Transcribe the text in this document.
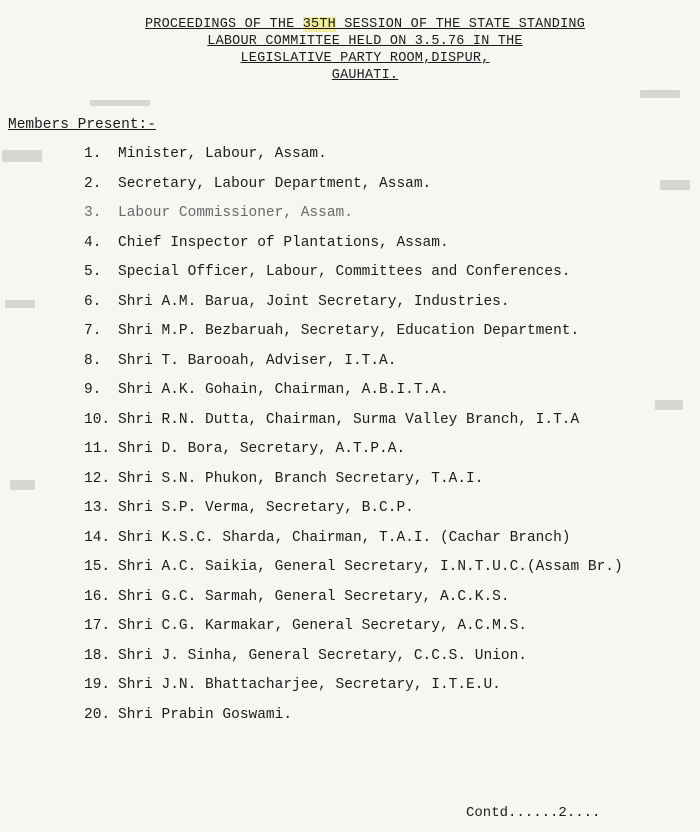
PROCEEDINGS OF THE 35TH SESSION OF THE STATE STANDING
LABOUR COMMITTEE HELD ON 3.5.76 IN THE
LEGISLATIVE PARTY ROOM,DISPUR,
GAUHATI.
Members Present:-
1.	Minister, Labour, Assam.
2.	Secretary, Labour Department, Assam.
3.	Labour Commissioner, Assam.
4.	Chief Inspector of Plantations, Assam.
5.	Special Officer, Labour, Committees and Conferences.
6.	Shri A.M. Barua, Joint Secretary, Industries.
7.	Shri M.P. Bezbaruah, Secretary, Education Department.
8.	Shri T. Barooah, Adviser, I.T.A.
9.	Shri A.K. Gohain, Chairman, A.B.I.T.A.
10. Shri R.N. Dutta, Chairman, Surma Valley Branch, I.T.A
11. Shri D. Bora, Secretary, A.T.P.A.
12. Shri S.N. Phukon, Branch Secretary, T.A.I.
13. Shri S.P. Verma, Secretary, B.C.P.
14. Shri K.S.C. Sharda, Chairman, T.A.I. (Cachar Branch)
15. Shri A.C. Saikia, General Secretary, I.N.T.U.C.(Assam Br.)
16. Shri G.C. Sarmah, General Secretary, A.C.K.S.
17. Shri C.G. Karmakar, General Secretary, A.C.M.S.
18. Shri J. Sinha, General Secretary, C.C.S. Union.
19. Shri J.N. Bhattacharjee, Secretary, I.T.E.U.
20. Shri Prabin Goswami.
Contd......2....
